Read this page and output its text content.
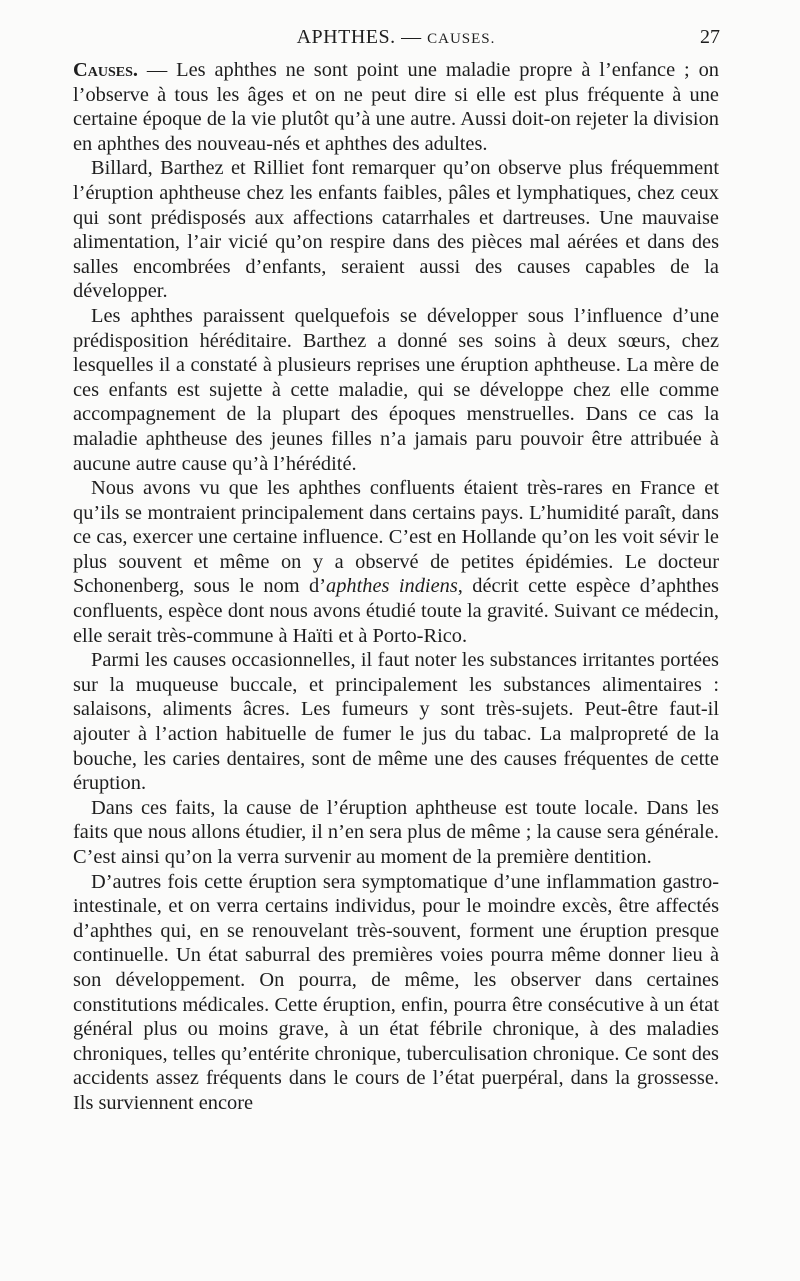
APHTHES. — CAUSES.	27

Causes. — Les aphthes ne sont point une maladie propre à l’enfance ; on l’observe à tous les âges et on ne peut dire si elle est plus fréquente à une certaine époque de la vie plutôt qu’à une autre. Aussi doit-on rejeter la division en aphthes des nouveau-nés et aphthes des adultes.

Billard, Barthez et Rilliet font remarquer qu’on observe plus fréquemment l’éruption aphtheuse chez les enfants faibles, pâles et lymphatiques, chez ceux qui sont prédisposés aux affections catarrhales et dartreuses. Une mauvaise alimentation, l’air vicié qu’on respire dans des pièces mal aérées et dans des salles encombrées d’enfants, seraient aussi des causes capables de la développer.

Les aphthes paraissent quelquefois se développer sous l’influence d’une prédisposition héréditaire. Barthez a donné ses soins à deux sœurs, chez lesquelles il a constaté à plusieurs reprises une éruption aphtheuse. La mère de ces enfants est sujette à cette maladie, qui se développe chez elle comme accompagnement de la plupart des époques menstruelles. Dans ce cas la maladie aphtheuse des jeunes filles n’a jamais paru pouvoir être attribuée à aucune autre cause qu’à l’hérédité.

Nous avons vu que les aphthes confluents étaient très-rares en France et qu’ils se montraient principalement dans certains pays. L’humidité paraît, dans ce cas, exercer une certaine influence. C’est en Hollande qu’on les voit sévir le plus souvent et même on y a observé de petites épidémies. Le docteur Schonenberg, sous le nom d’aphthes indiens, décrit cette espèce d’aphthes confluents, espèce dont nous avons étudié toute la gravité. Suivant ce médecin, elle serait très-commune à Haïti et à Porto-Rico.

Parmi les causes occasionnelles, il faut noter les substances irritantes portées sur la muqueuse buccale, et principalement les substances alimentaires : salaisons, aliments âcres. Les fumeurs y sont très-sujets. Peut-être faut-il ajouter à l’action habituelle de fumer le jus du tabac. La malpropreté de la bouche, les caries dentaires, sont de même une des causes fréquentes de cette éruption.

Dans ces faits, la cause de l’éruption aphtheuse est toute locale. Dans les faits que nous allons étudier, il n’en sera plus de même ; la cause sera générale. C’est ainsi qu’on la verra survenir au moment de la première dentition.

D’autres fois cette éruption sera symptomatique d’une inflammation gastro-intestinale, et on verra certains individus, pour le moindre excès, être affectés d’aphthes qui, en se renouvelant très-souvent, forment une éruption presque continuelle. Un état saburral des premières voies pourra même donner lieu à son développement. On pourra, de même, les observer dans certaines constitutions médicales. Cette éruption, enfin, pourra être consécutive à un état général plus ou moins grave, à un état fébrile chronique, à des maladies chroniques, telles qu’entérite chronique, tuberculisation chronique. Ce sont des accidents assez fréquents dans le cours de l’état puerpéral, dans la grossesse. Ils surviennent encore
